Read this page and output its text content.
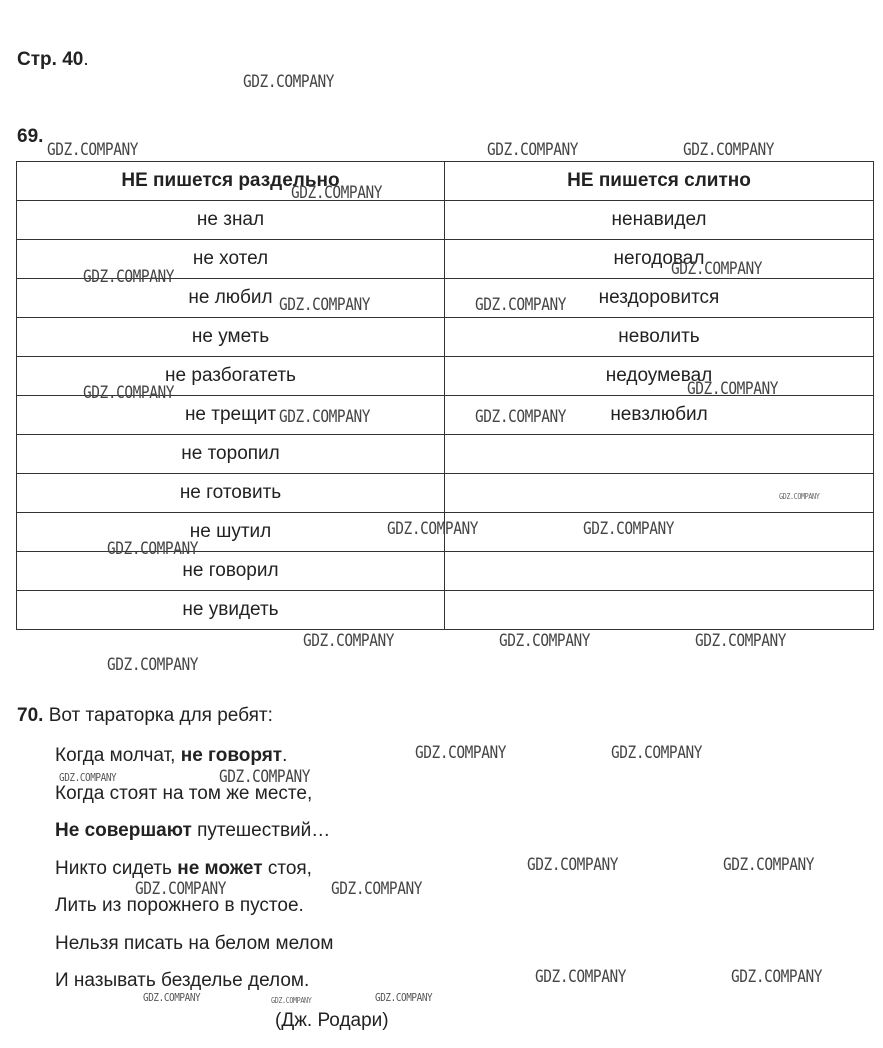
Стр. 40.
69.
НЕ пишется раздельно	НЕ пишется слитно
не знал	ненавидел
не хотел	негодовал
не любил	нездоровится
не уметь	неволить
не разбогатеть	недоумевал
не трещит	невзлюбил
не торопил	
не готовить	
не шутил	
не говорил	
не увидеть	
70. Вот тараторка для ребят:
Когда молчат, не говорят.
Когда стоят на том же месте,
Не совершают путешествий…
Никто сидеть не может стоя,
Лить из порожнего в пустое.
Нельзя писать на белом мелом
И называть безделье делом.
(Дж. Родари)
GDZ.COMPANY
GDZ.COMPANY	GDZ.COMPANY	GDZ.COMPANY
GDZ.COMPANY
GDZ.COMPANY
GDZ.COMPANY
GDZ.COMPANY	GDZ.COMPANY
GDZ.COMPANY	GDZ.COMPANY
GDZ.COMPANY	GDZ.COMPANY
GDZ.COMPANY
GDZ.COMPANY	GDZ.COMPANY
GDZ.COMPANY
GDZ.COMPANY	GDZ.COMPANY	GDZ.COMPANY
GDZ.COMPANY
GDZ.COMPANY	GDZ.COMPANY
GDZ.COMPANY	GDZ.COMPANY
GDZ.COMPANY	GDZ.COMPANY
GDZ.COMPANY	GDZ.COMPANY
GDZ.COMPANY	GDZ.COMPANY
GDZ.COMPANY	GDZ.COMPANY	GDZ.COMPANY
